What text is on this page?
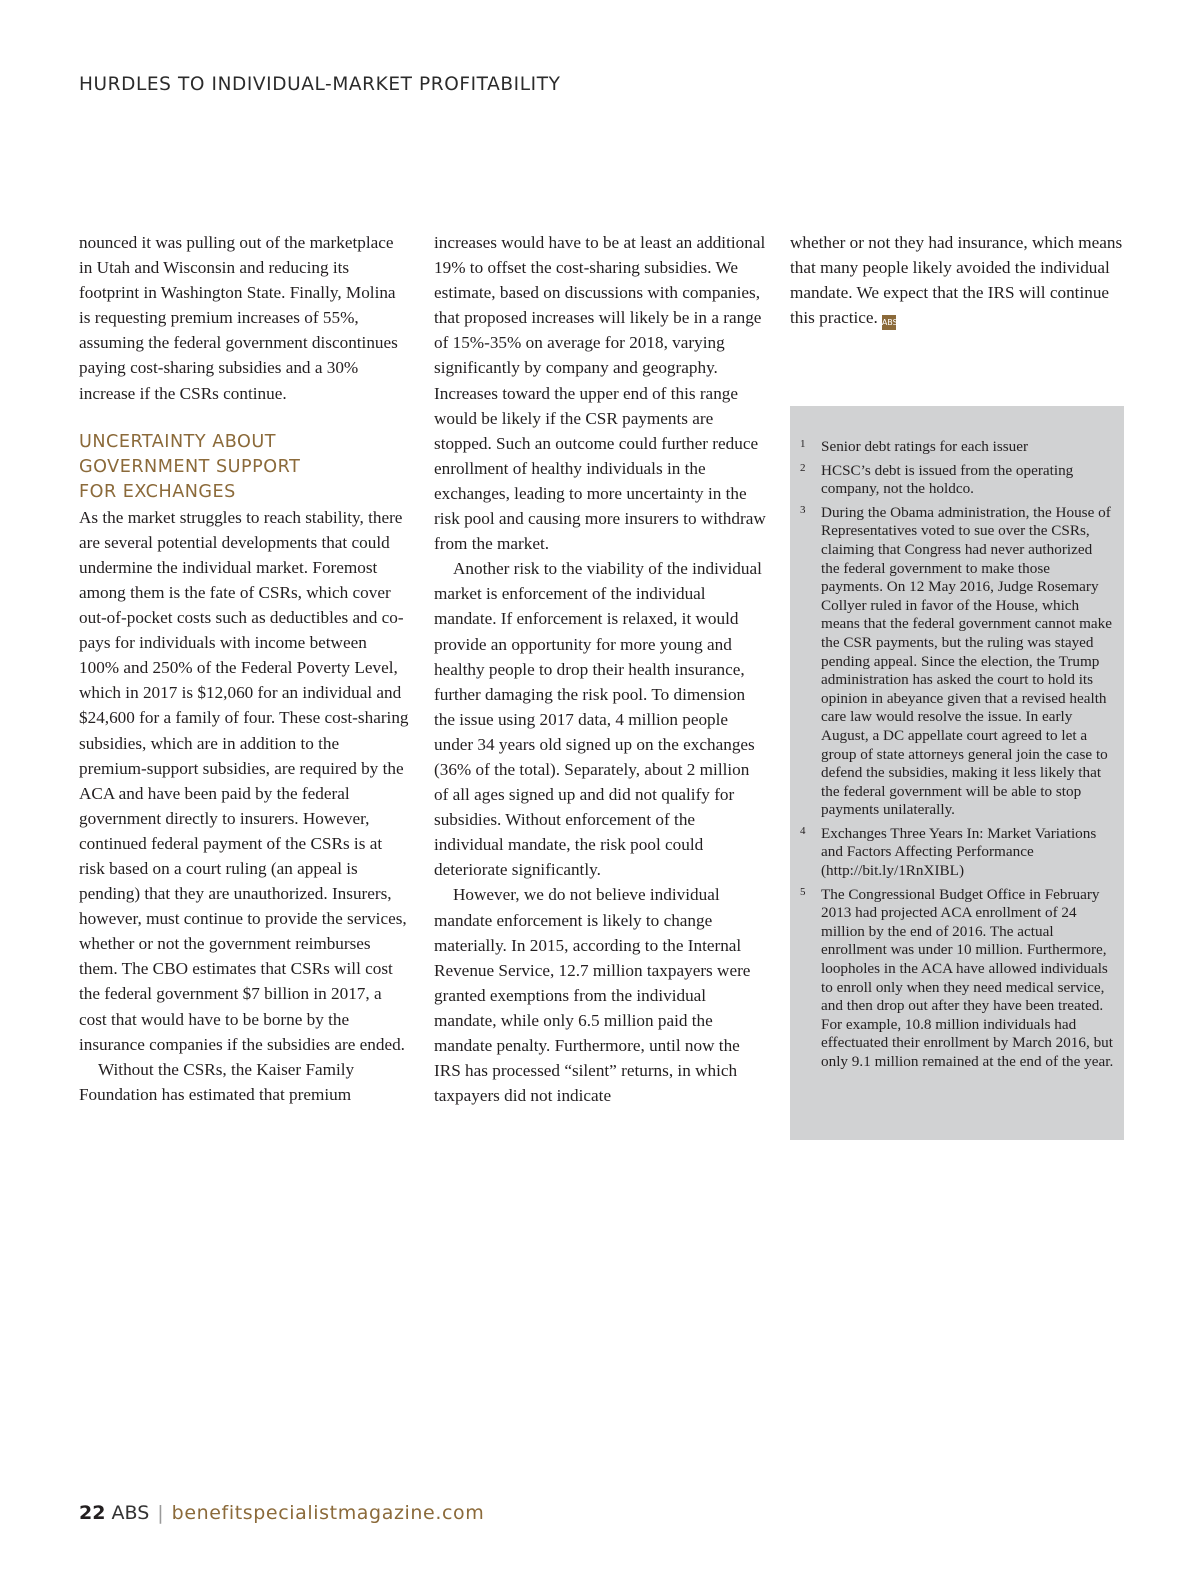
HURDLES TO INDIVIDUAL-MARKET PROFITABILITY

nounced it was pulling out of the marketplace in Utah and Wisconsin and reducing its footprint in Washington State. Finally, Molina is requesting premium increases of 55%, assuming the federal government discontinues paying cost-sharing subsidies and a 30% increase if the CSRs continue.

UNCERTAINTY ABOUT
GOVERNMENT SUPPORT
FOR EXCHANGES

As the market struggles to reach stability, there are several potential developments that could undermine the individual market. Foremost among them is the fate of CSRs, which cover out-of-pocket costs such as deductibles and co-pays for individuals with income between 100% and 250% of the Federal Poverty Level, which in 2017 is $12,060 for an individual and $24,600 for a family of four. These cost-sharing subsidies, which are in addition to the premium-support subsidies, are required by the ACA and have been paid by the federal government directly to insurers. However, continued federal payment of the CSRs is at risk based on a court ruling (an appeal is pending) that they are unauthorized. Insurers, however, must continue to provide the services, whether or not the government reimburses them. The CBO estimates that CSRs will cost the federal government $7 billion in 2017, a cost that would have to be borne by the insurance companies if the subsidies are ended.

Without the CSRs, the Kaiser Family Foundation has estimated that premium

increases would have to be at least an additional 19% to offset the cost-sharing subsidies. We estimate, based on discussions with companies, that proposed increases will likely be in a range of 15%-35% on average for 2018, varying significantly by company and geography. Increases toward the upper end of this range would be likely if the CSR payments are stopped. Such an outcome could further reduce enrollment of healthy individuals in the exchanges, leading to more uncertainty in the risk pool and causing more insurers to withdraw from the market.

Another risk to the viability of the individual market is enforcement of the individual mandate. If enforcement is relaxed, it would provide an opportunity for more young and healthy people to drop their health insurance, further damaging the risk pool. To dimension the issue using 2017 data, 4 million people under 34 years old signed up on the exchanges (36% of the total). Separately, about 2 million of all ages signed up and did not qualify for subsidies. Without enforcement of the individual mandate, the risk pool could deteriorate significantly.

However, we do not believe individual mandate enforcement is likely to change materially. In 2015, according to the Internal Revenue Service, 12.7 million taxpayers were granted exemptions from the individual mandate, while only 6.5 million paid the mandate penalty. Furthermore, until now the IRS has processed “silent” returns, in which taxpayers did not indicate

whether or not they had insurance, which means that many people likely avoided the individual mandate. We expect that the IRS will continue this practice. ABS

1 Senior debt ratings for each issuer
2 HCSC’s debt is issued from the operating company, not the holdco.
3 During the Obama administration, the House of Representatives voted to sue over the CSRs, claiming that Congress had never authorized the federal government to make those payments. On 12 May 2016, Judge Rosemary Collyer ruled in favor of the House, which means that the federal government cannot make the CSR payments, but the ruling was stayed pending appeal. Since the election, the Trump administration has asked the court to hold its opinion in abeyance given that a revised health care law would resolve the issue. In early August, a DC appellate court agreed to let a group of state attorneys general join the case to defend the subsidies, making it less likely that the federal government will be able to stop payments unilaterally.
4 Exchanges Three Years In: Market Variations and Factors Affecting Performance (http://bit.ly/1RnXIBL)
5 The Congressional Budget Office in February 2013 had projected ACA enrollment of 24 million by the end of 2016. The actual enrollment was under 10 million. Furthermore, loopholes in the ACA have allowed individuals to enroll only when they need medical service, and then drop out after they have been treated. For example, 10.8 million individuals had effectuated their enrollment by March 2016, but only 9.1 million remained at the end of the year.
22 ABS | benefitspecialistmagazine.com
